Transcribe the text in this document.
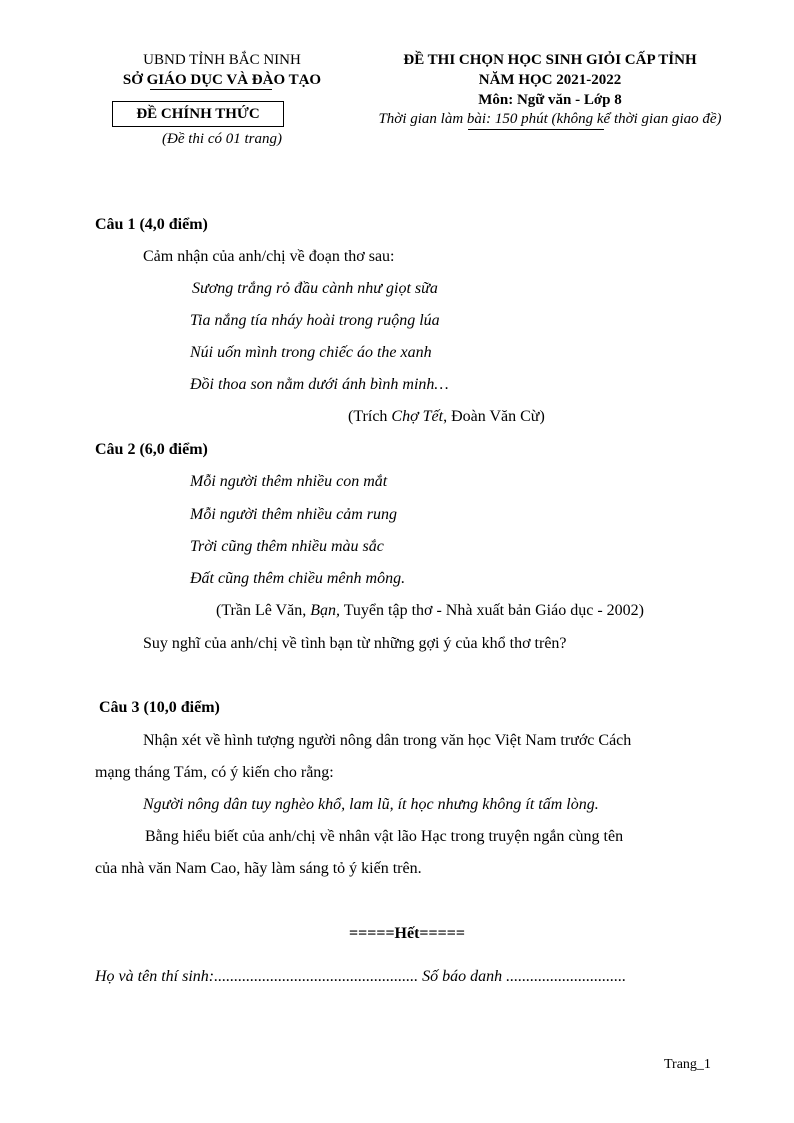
UBND TỈNH BẮC NINH
SỞ GIÁO DỤC VÀ ĐÀO TẠO
ĐỀ CHÍNH THỨC
(Đề thi có 01 trang)
ĐỀ THI CHỌN HỌC SINH GIỎI CẤP TỈNH
NĂM HỌC 2021-2022
Môn: Ngữ văn - Lớp 8
Thời gian làm bài: 150 phút (không kể thời gian giao đề)
Câu 1 (4,0 điểm)
Cảm nhận của anh/chị về đoạn thơ sau:
Sương trắng rỏ đầu cành như giọt sữa
Tia nắng tía nháy hoài trong ruộng lúa
Núi uốn mình trong chiếc áo the xanh
Đồi thoa son nằm dưới ánh bình minh…
(Trích Chợ Tết, Đoàn Văn Cừ)
Câu 2 (6,0 điểm)
Mỗi người thêm nhiều con mắt
Mỗi người thêm nhiều cảm rung
Trời cũng thêm nhiều màu sắc
Đất cũng thêm chiều mênh mông.
(Trần Lê Văn, Bạn, Tuyển tập thơ - Nhà xuất bản Giáo dục - 2002)
Suy nghĩ của anh/chị về tình bạn từ những gợi ý của khổ thơ trên?
Câu 3 (10,0 điểm)
Nhận xét về hình tượng người nông dân trong văn học Việt Nam trước Cách
mạng tháng Tám, có ý kiến cho rằng:
Người nông dân tuy nghèo khổ, lam lũ, ít học nhưng không ít tấm lòng.
Bằng hiểu biết của anh/chị về nhân vật lão Hạc trong truyện ngắn cùng tên
của nhà văn Nam Cao, hãy làm sáng tỏ ý kiến trên.
=====Hết=====
Họ và tên thí sinh:................................................... Số báo danh ..............................
Trang_1
